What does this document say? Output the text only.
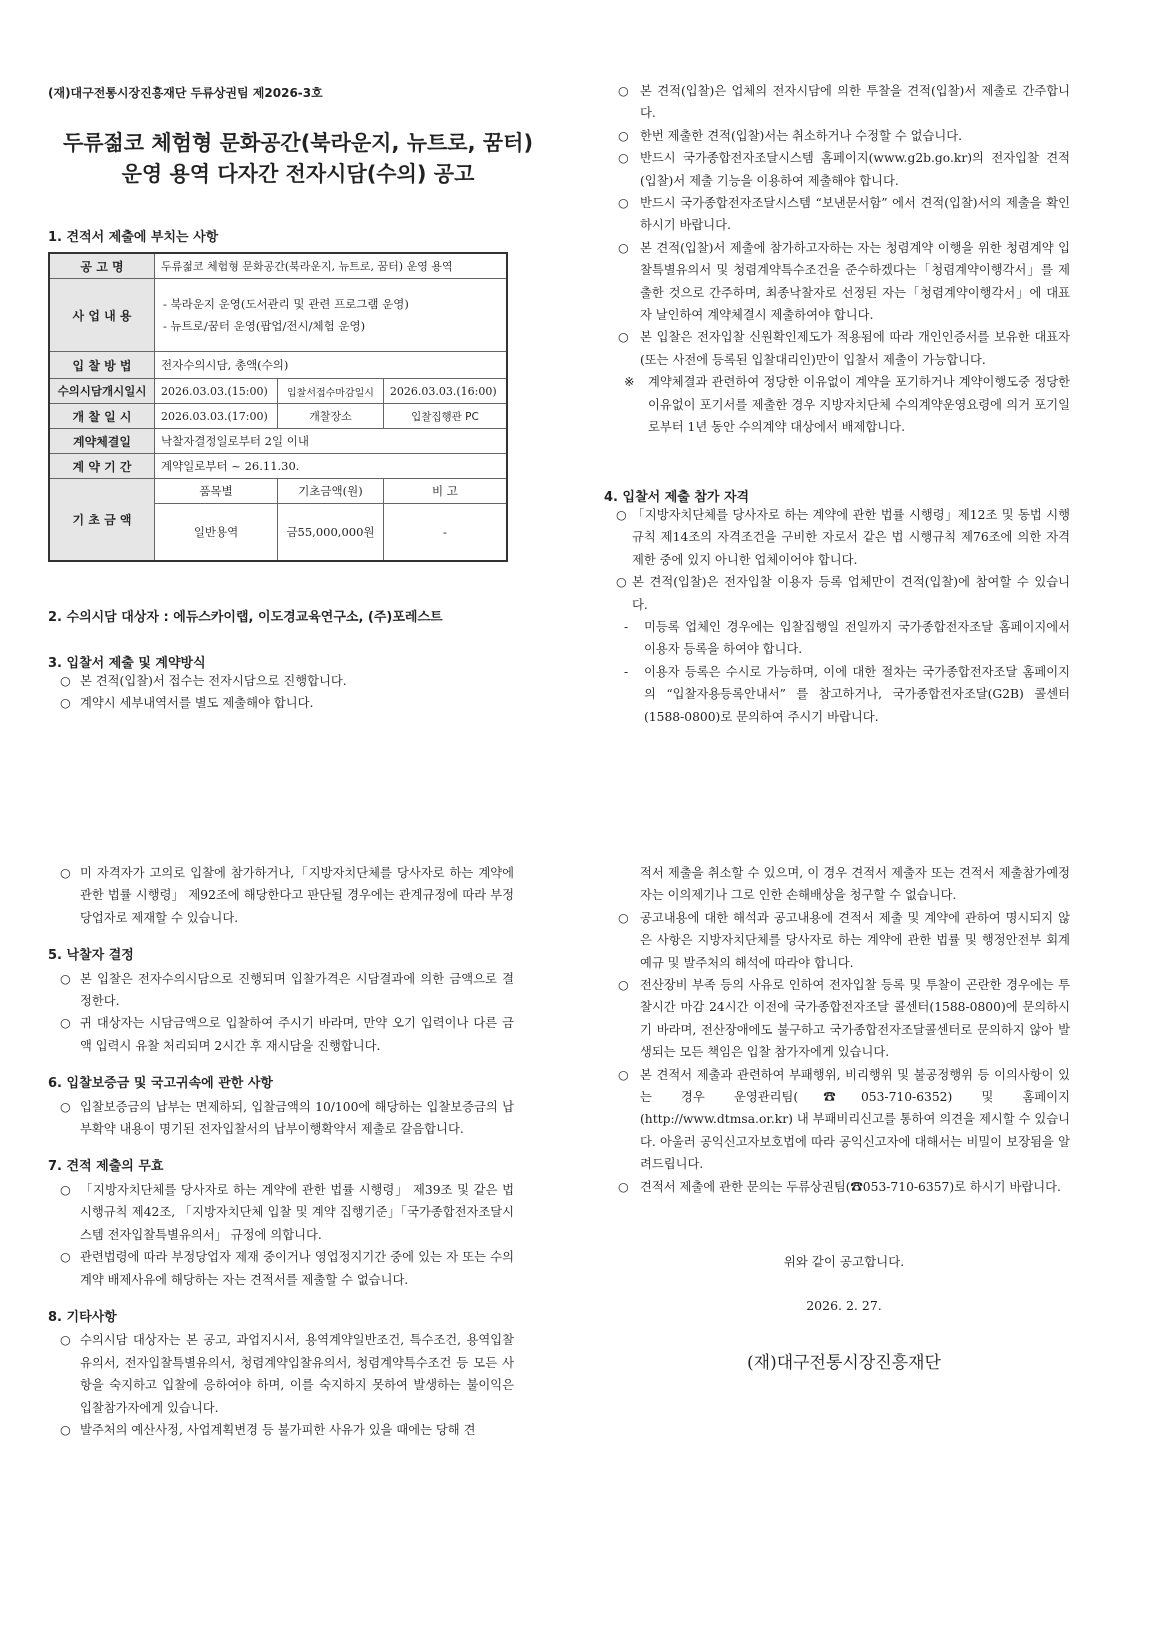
(재)대구전통시장진흥재단 두류상권팀 제2026-3호
두류젊코 체험형 문화공간(북라운지, 뉴트로, 꿈터)
운영 용역 다자간 전자시담(수의) 공고
1. 견적서 제출에 부치는 사항
공 고 명	두류젊코 체험형 문화공간(북라운지, 뉴트로, 꿈터) 운영 용역		
사 업 내 용	- 북라운지 운영(도서관리 및 관련 프로그램 운영)
- 뉴트로/꿈터 운영(팝업/전시/체험 운영)		

입 찰 방 법	전자수의시담, 총액(수의)		
수의시담개시일시	2026.03.03.(15:00)	입찰서접수마감일시	2026.03.03.(16:00)
개 찰 일 시	2026.03.03.(17:00)	개찰장소	입찰집행관 PC
계약체결일	낙찰자결정일로부터 2일 이내		
계 약 기 간	계약일로부터 ~ 26.11.30.		
기 초 금 액	품목별	기초금액(원)	비 고
	일반용역	금55,000,000원	-
2. 수의시담 대상자 : 에듀스카이랩, 이도경교육연구소, (주)포레스트
3. 입찰서 제출 및 계약방식
○ 본 견적(입찰)서 접수는 전자시담으로 진행합니다.
○ 계약시 세부내역서를 별도 제출해야 합니다.
○ 본 견적(입찰)은 업체의 전자시담에 의한 투찰을 견적(입찰)서 제출로 간주합니다.
○ 한번 제출한 견적(입찰)서는 취소하거나 수정할 수 없습니다.
○ 반드시 국가종합전자조달시스템 홈페이지(www.g2b.go.kr)의 전자입찰 견적(입찰)서 제출 기능을 이용하여 제출해야 합니다.
○ 반드시 국가종합전자조달시스템 “보낸문서함” 에서 견적(입찰)서의 제출을 확인하시기 바랍니다.
○ 본 견적(입찰)서 제출에 참가하고자하는 자는 청렴계약 이행을 위한 청렴계약 입찰특별유의서 및 청렴계약특수조건을 준수하겠다는「청렴계약이행각서」를 제출한 것으로 간주하며, 최종낙찰자로 선정된 자는「청렴계약이행각서」에 대표자 날인하여 계약체결시 제출하여야 합니다.
○ 본 입찰은 전자입찰 신원확인제도가 적용됨에 따라 개인인증서를 보유한 대표자(또는 사전에 등록된 입찰대리인)만이 입찰서 제출이 가능합니다.
※ 계약체결과 관련하여 정당한 이유없이 계약을 포기하거나 계약이행도중 정당한 이유없이 포기서를 제출한 경우 지방자치단체 수의계약운영요령에 의거 포기일로부터 1년 동안 수의계약 대상에서 배제합니다.
4. 입찰서 제출 참가 자격
○ 「지방자치단체를 당사자로 하는 계약에 관한 법률 시행령」제12조 및 동법 시행규칙 제14조의 자격조건을 구비한 자로서 같은 법 시행규칙 제76조에 의한 자격제한 중에 있지 아니한 업체이어야 합니다.
○ 본 견적(입찰)은 전자입찰 이용자 등록 업체만이 견적(입찰)에 참여할 수 있습니다.
- 미등록 업체인 경우에는 입찰집행일 전일까지 국가종합전자조달 홈페이지에서 이용자 등록을 하여야 합니다.
- 이용자 등록은 수시로 가능하며, 이에 대한 절차는 국가종합전자조달 홈페이지의 “입찰자용등록안내서” 를 참고하거나, 국가종합전자조달(G2B) 콜센터(1588-0800)로 문의하여 주시기 바랍니다.
○ 미 자격자가 고의로 입찰에 참가하거나,「지방자치단체를 당사자로 하는 계약에 관한 법률 시행령」 제92조에 해당한다고 판단될 경우에는 관계규정에 따라 부정당업자로 제재할 수 있습니다.
5. 낙찰자 결정
○ 본 입찰은 전자수의시담으로 진행되며 입찰가격은 시담결과에 의한 금액으로 결정한다.
○ 귀 대상자는 시담금액으로 입찰하여 주시기 바라며, 만약 오기 입력이나 다른 금액 입력시 유찰 처리되며 2시간 후 재시담을 진행합니다.
6. 입찰보증금 및 국고귀속에 관한 사항
○ 입찰보증금의 납부는 면제하되, 입찰금액의 10/100에 해당하는 입찰보증금의 납부확약 내용이 명기된 전자입찰서의 납부이행확약서 제출로 갈음합니다.
7. 견적 제출의 무효
○ 「지방자치단체를 당사자로 하는 계약에 관한 법률 시행령」 제39조 및 같은 법 시행규칙 제42조, 「지방자치단체 입찰 및 계약 집행기준」「국가종합전자조달시스템 전자입찰특별유의서」 규정에 의합니다.
○ 관련법령에 따라 부정당업자 제재 중이거나 영업정지기간 중에 있는 자 또는 수의계약 배제사유에 해당하는 자는 견적서를 제출할 수 없습니다.
8. 기타사항
○ 수의시담 대상자는 본 공고, 과업지시서, 용역계약일반조건, 특수조건, 용역입찰유의서, 전자입찰특별유의서, 청렴계약입찰유의서, 청렴계약특수조건 등 모든 사항을 숙지하고 입찰에 응하여야 하며, 이를 숙지하지 못하여 발생하는 불이익은 입찰참가자에게 있습니다.
○ 발주처의 예산사정, 사업계획변경 등 불가피한 사유가 있을 때에는 당해 견
적서 제출을 취소할 수 있으며, 이 경우 견적서 제출자 또는 견적서 제출참가예정자는 이의제기나 그로 인한 손해배상을 청구할 수 없습니다.
○ 공고내용에 대한 해석과 공고내용에 견적서 제출 및 계약에 관하여 명시되지 않은 사항은 지방자치단체를 당사자로 하는 계약에 관한 법률 및 행정안전부 회계예규 및 발주처의 해석에 따라야 합니다.
○ 전산장비 부족 등의 사유로 인하여 전자입찰 등록 및 투찰이 곤란한 경우에는 투찰시간 마감 24시간 이전에 국가종합전자조달 콜센터(1588-0800)에 문의하시기 바라며, 전산장애에도 불구하고 국가종합전자조달콜센터로 문의하지 않아 발생되는 모든 책임은 입찰 참가자에게 있습니다.
○ 본 견적서 제출과 관련하여 부패행위, 비리행위 및 불공정행위 등 이의사항이 있는 경우 운영관리팀(☎053-710-6352) 및 홈페이지(http://www.dtmsa.or.kr) 내 부패비리신고를 통하여 의견을 제시할 수 있습니다. 아울러 공익신고자보호법에 따라 공익신고자에 대해서는 비밀이 보장됨을 알려드립니다.
○ 견적서 제출에 관한 문의는 두류상권팀(☎053-710-6357)로 하시기 바랍니다.
위와 같이 공고합니다.
2026. 2. 27.
(재)대구전통시장진흥재단
